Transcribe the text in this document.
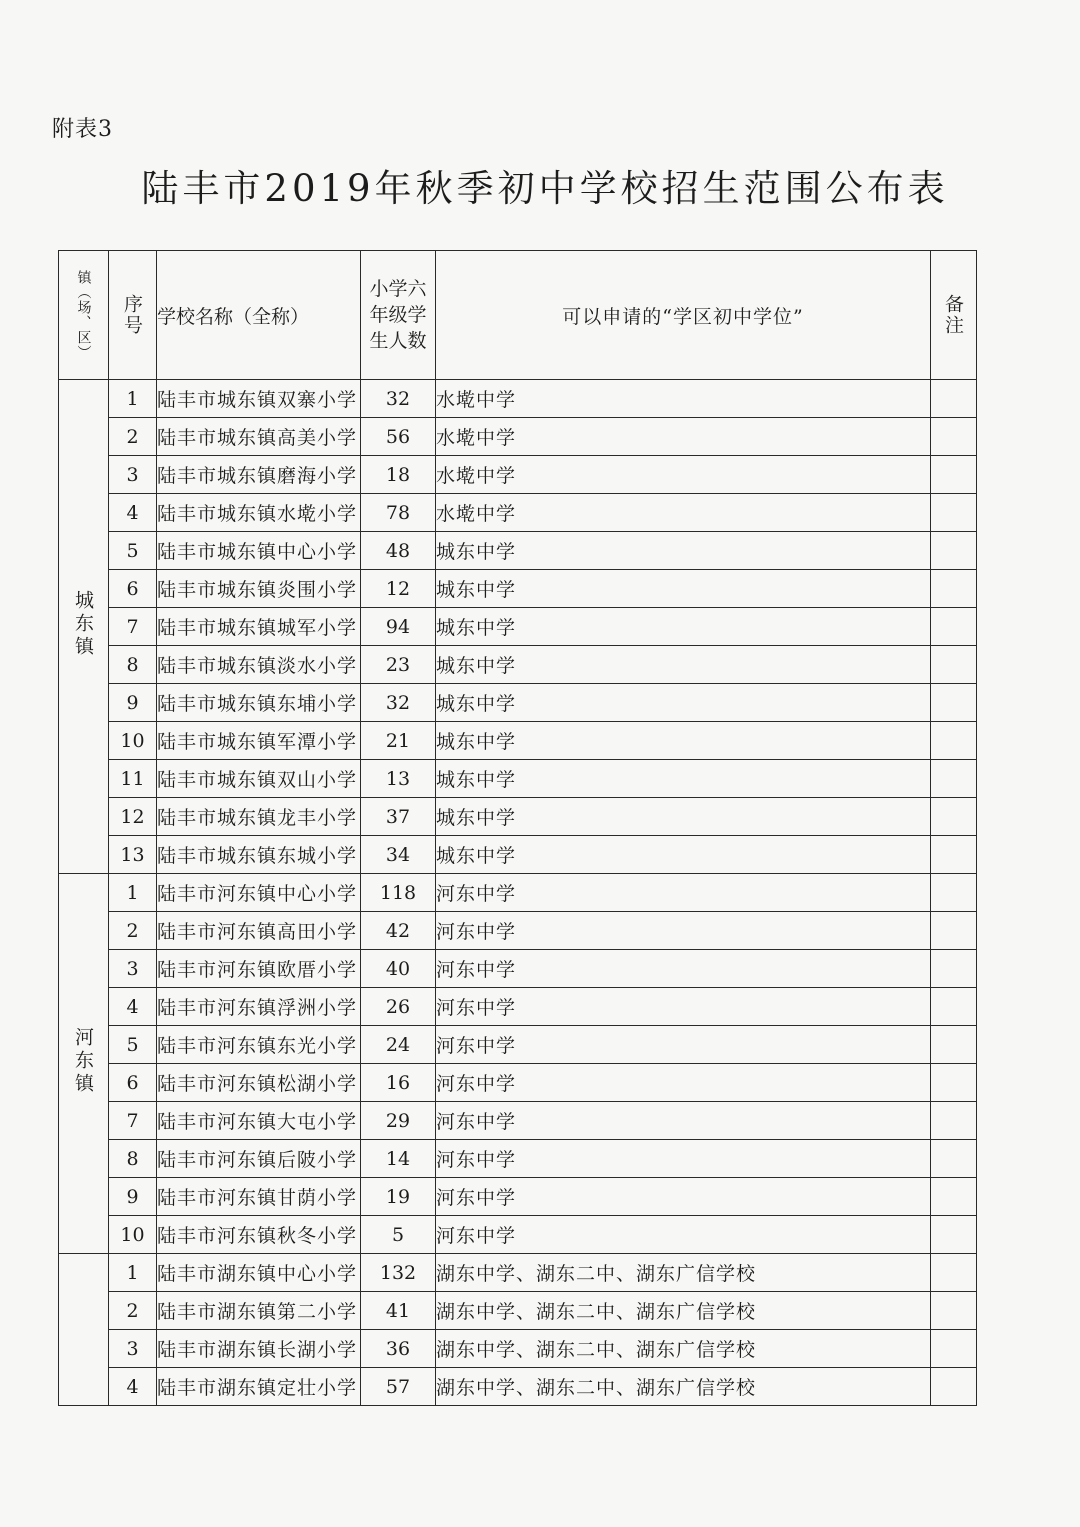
附表3
陆丰市2019年秋季初中学校招生范围公布表
镇（场、区）	序号	学校名称（全称）	小学六年级学生人数	可以申请的“学区初中学位”	备注

城东镇	1	陆丰市城东镇双寨小学	32	水墘中学	
	2	陆丰市城东镇高美小学	56	水墘中学	
	3	陆丰市城东镇磨海小学	18	水墘中学	
	4	陆丰市城东镇水墘小学	78	水墘中学	
	5	陆丰市城东镇中心小学	48	城东中学	
	6	陆丰市城东镇炎围小学	12	城东中学	
	7	陆丰市城东镇城军小学	94	城东中学	
	8	陆丰市城东镇淡水小学	23	城东中学	
	9	陆丰市城东镇东埔小学	32	城东中学	
	10	陆丰市城东镇军潭小学	21	城东中学	
	11	陆丰市城东镇双山小学	13	城东中学	
	12	陆丰市城东镇龙丰小学	37	城东中学	
	13	陆丰市城东镇东城小学	34	城东中学	
河东镇	1	陆丰市河东镇中心小学	118	河东中学	
	2	陆丰市河东镇高田小学	42	河东中学	
	3	陆丰市河东镇欧厝小学	40	河东中学	
	4	陆丰市河东镇浮洲小学	26	河东中学	
	5	陆丰市河东镇东光小学	24	河东中学	
	6	陆丰市河东镇松湖小学	16	河东中学	
	7	陆丰市河东镇大屯小学	29	河东中学	
	8	陆丰市河东镇后陂小学	14	河东中学	
	9	陆丰市河东镇甘荫小学	19	河东中学	
	10	陆丰市河东镇秋冬小学	5	河东中学	
	1	陆丰市湖东镇中心小学	132	湖东中学、湖东二中、湖东广信学校	
	2	陆丰市湖东镇第二小学	41	湖东中学、湖东二中、湖东广信学校	
	3	陆丰市湖东镇长湖小学	36	湖东中学、湖东二中、湖东广信学校	
	4	陆丰市湖东镇定壮小学	57	湖东中学、湖东二中、湖东广信学校	
